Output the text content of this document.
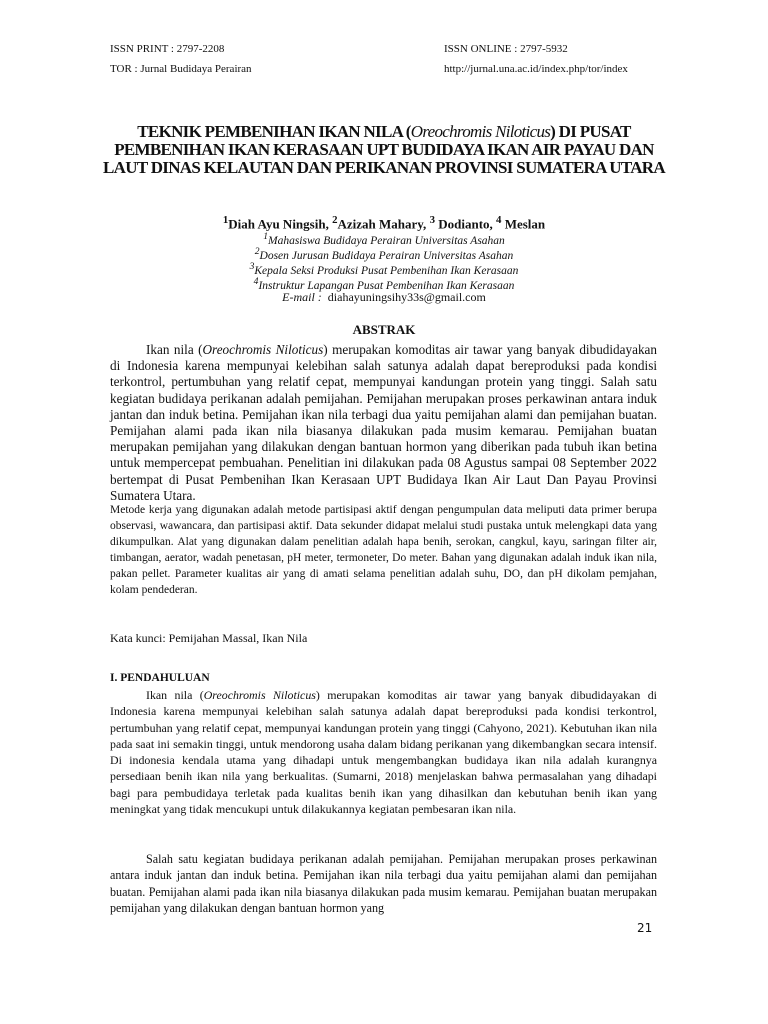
ISSN PRINT : 2797-2208	ISSN ONLINE : 2797-5932
TOR : Jurnal Budidaya Perairan	http://jurnal.una.ac.id/index.php/tor/index
TEKNIK PEMBENIHAN IKAN NILA (Oreochromis Niloticus) DI PUSAT PEMBENIHAN IKAN KERASAAN UPT BUDIDAYA IKAN AIR PAYAU DAN LAUT DINAS KELAUTAN DAN PERIKANAN PROVINSI SUMATERA UTARA
$^1$Diah Ayu Ningsih, $^2$Azizah Mahary, $^3$ Dodianto, $^4$ Meslan
$^1$Mahasiswa Budidaya Perairan Universitas Asahan
$^2$Dosen Jurusan Budidaya Perairan Universitas Asahan
$^3$Kepala Seksi Produksi Pusat Pembenihan Ikan Kerasaan
$^4$Instruktur Lapangan Pusat Pembenihan Ikan Kerasaan
E-mail : diahayuningsihy33s@gmail.com
ABSTRAK
Ikan nila (Oreochromis Niloticus) merupakan komoditas air tawar yang banyak dibudidayakan di Indonesia karena mempunyai kelebihan salah satunya adalah dapat bereproduksi pada kondisi terkontrol, pertumbuhan yang relatif cepat, mempunyai kandungan protein yang tinggi. Salah satu kegiatan budidaya perikanan adalah pemijahan. Pemijahan merupakan proses perkawinan antara induk jantan dan induk betina. Pemijahan ikan nila terbagi dua yaitu pemijahan alami dan pemijahan buatan. Pemijahan alami pada ikan nila biasanya dilakukan pada musim kemarau. Pemijahan buatan merupakan pemijahan yang dilakukan dengan bantuan hormon yang diberikan pada tubuh ikan betina untuk mempercepat pembuahan. Penelitian ini dilakukan pada 08 Agustus sampai 08 September 2022 bertempat di Pusat Pembenihan Ikan Kerasaan UPT Budidaya Ikan Air Laut Dan Payau Provinsi Sumatera Utara.
Metode kerja yang digunakan adalah metode partisipasi aktif dengan pengumpulan data meliputi data primer berupa observasi, wawancara, dan partisipasi aktif. Data sekunder didapat melalui studi pustaka untuk melengkapi data yang dikumpulkan. Alat yang digunakan dalam penelitian adalah hapa benih, serokan, cangkul, kayu, saringan filter air, timbangan, aerator, wadah penetasan, pH meter, termoneter, Do meter. Bahan yang digunakan adalah induk ikan nila, pakan pellet. Parameter kualitas air yang di amati selama penelitian adalah suhu, DO, dan pH dikolam pemjahan, kolam pendederan.
Kata kunci: Pemijahan Massal, Ikan Nila
I. PENDAHULUAN
Ikan nila (Oreochromis Niloticus) merupakan komoditas air tawar yang banyak dibudidayakan di Indonesia karena mempunyai kelebihan salah satunya adalah dapat bereproduksi pada kondisi terkontrol, pertumbuhan yang relatif cepat, mempunyai kandungan protein yang tinggi (Cahyono, 2021). Kebutuhan ikan nila pada saat ini semakin tinggi, untuk mendorong usaha dalam bidang perikanan yang dikembangkan secara intensif. Di indonesia kendala utama yang dihadapi untuk mengembangkan budidaya ikan nila adalah kurangnya persediaan benih ikan nila yang berkualitas. (Sumarni, 2018) menjelaskan bahwa permasalahan yang dihadapi bagi para pembudidaya terletak pada kualitas benih ikan yang dihasilkan dan kebutuhan benih ikan yang meningkat yang tidak mencukupi untuk dilakukannya kegiatan pembesaran ikan nila.
Salah satu kegiatan budidaya perikanan adalah pemijahan. Pemijahan merupakan proses perkawinan antara induk jantan dan induk betina. Pemijahan ikan nila terbagi dua yaitu pemijahan alami dan pemijahan buatan. Pemijahan alami pada ikan nila biasanya dilakukan pada musim kemarau. Pemijahan buatan merupakan pemijahan yang dilakukan dengan bantuan hormon yang
21
